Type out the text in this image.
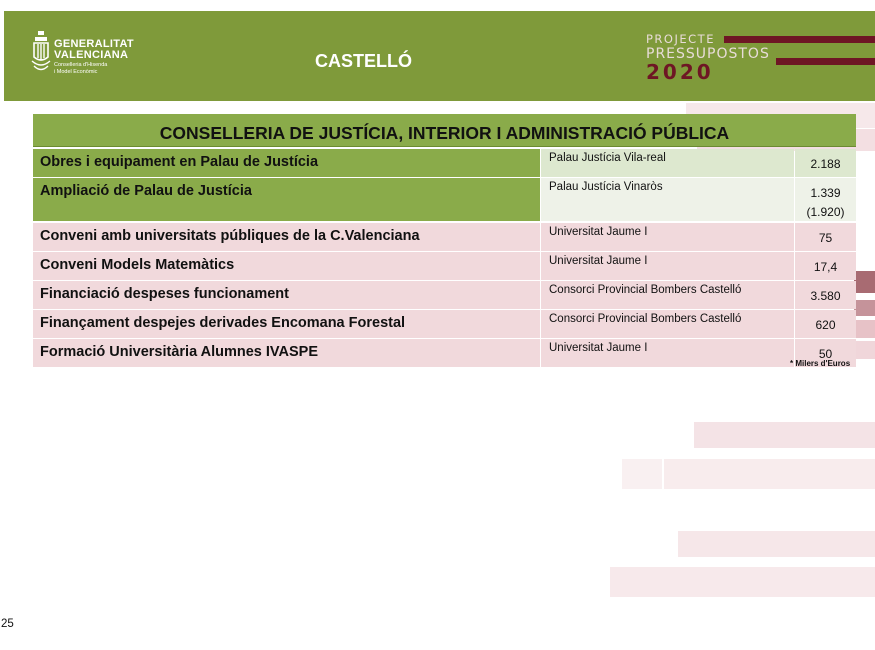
GENERALITAT
VALENCIANA
Conselleria d'Hisenda
i Model Econòmic
CASTELLÓ
PROJECTE
PRESSUPOSTOS
2020
CONSELLERIA DE JUSTÍCIA, INTERIOR I ADMINISTRACIÓ PÚBLICA
Obres i equipament en Palau de Justícia	Palau Justícia Vila-real	2.188
Ampliació de Palau de Justícia	Palau Justícia Vinaròs	1.339
(1.920)
Conveni amb universitats públiques de la C.Valenciana	Universitat Jaume I	75
Conveni Models Matemàtics	Universitat Jaume I	17,4
Financiació despeses funcionament	Consorci Provincial Bombers Castelló	3.580
Finançament despejes derivades Encomana Forestal	Consorci Provincial Bombers Castelló	620
Formació Universitària Alumnes IVASPE	Universitat Jaume I	50
* Milers d'Euros
25
